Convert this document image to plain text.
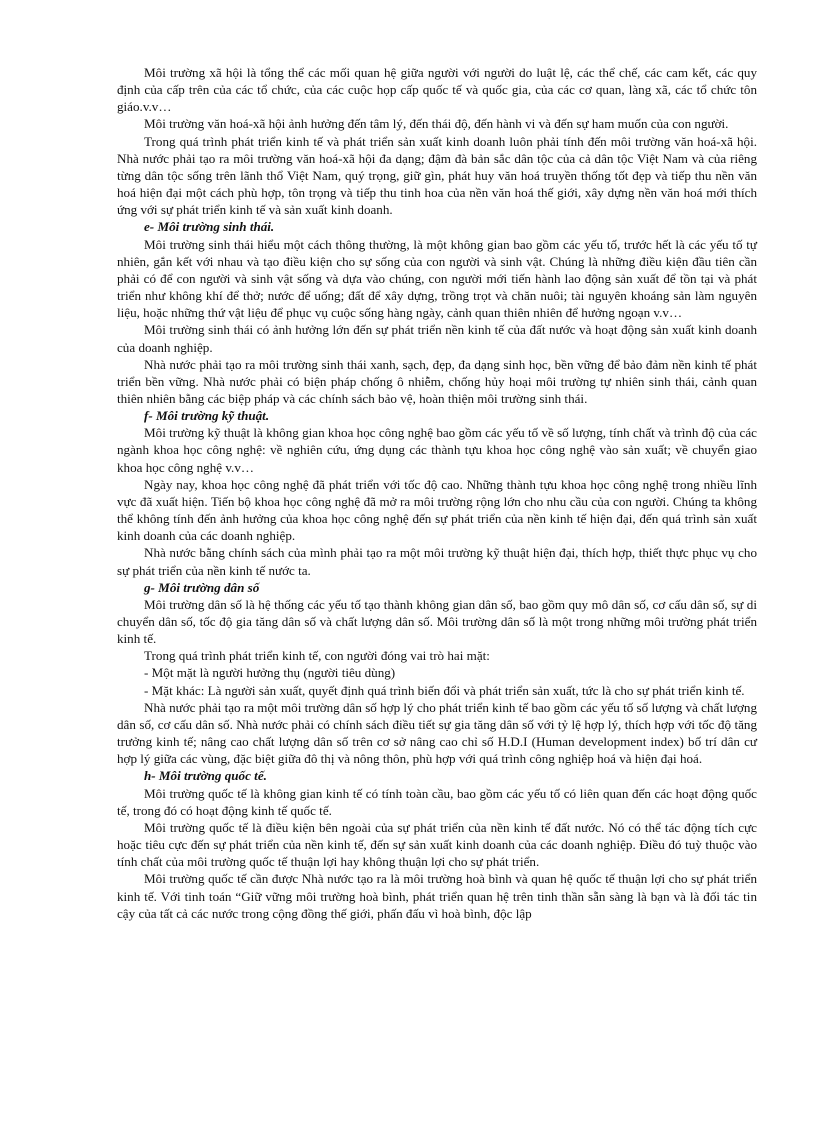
Môi trường xã hội là tổng thể các mối quan hệ giữa người với người do luật lệ, các thể chế, các cam kết, các quy định của cấp trên của các tổ chức, của các cuộc họp cấp quốc tế và quốc gia, của các cơ quan, làng xã, các tổ chức tôn giáo.v.v…

Môi trường văn hoá-xã hội ảnh hưởng đến tâm lý, đến thái độ, đến hành vi và đến sự ham muốn của con người.

Trong quá trình phát triển kinh tế và phát triển sản xuất kinh doanh luôn phải tính đến môi trường văn hoá-xã hội. Nhà nước phải tạo ra môi trường văn hoá-xã hội đa dạng; đậm đà bản sắc dân tộc của cả dân tộc Việt Nam và của riêng từng dân tộc sống trên lãnh thổ Việt Nam, quý trọng, giữ gìn, phát huy văn hoá truyền thống tốt đẹp và tiếp thu nền văn hoá hiện đại một cách phù hợp, tôn trọng và tiếp thu tinh hoa của nền văn hoá thế giới, xây dựng nền văn hoá mới thích ứng với sự phát triển kinh tế và sản xuất kinh doanh.

e- Môi trường sinh thái.

Môi trường sinh thái hiểu một cách thông thường, là một không gian bao gồm các yếu tố, trước hết là các yếu tố tự nhiên, gắn kết với nhau và tạo điều kiện cho sự sống của con người và sinh vật. Chúng là những điều kiện đầu tiên cần phải có để con người và sinh vật sống và dựa vào chúng, con người mới tiến hành lao động sản xuất để tồn tại và phát triển như không khí để thở; nước để uống; đất để xây dựng, trồng trọt và chăn nuôi; tài nguyên khoáng sản làm nguyên liệu, hoặc những thứ vật liệu để phục vụ cuộc sống hàng ngày, cảnh quan thiên nhiên để hưởng ngoạn v.v…

Môi trường sinh thái có ảnh hưởng lớn đến sự phát triển nền kinh tế của đất nước và hoạt động sản xuất kinh doanh của doanh nghiệp.

Nhà nước phải tạo ra môi trường sinh thái xanh, sạch, đẹp, đa dạng sinh học, bền vững để bảo đảm nền kinh tế phát triển bền vững. Nhà nước phải có biện pháp chống ô nhiễm, chống hủy hoại môi trường tự nhiên sinh thái, cảnh quan thiên nhiên bằng các biệp pháp và các chính sách bảo vệ, hoàn thiện môi trường sinh thái.

f- Môi trường kỹ thuật.

Môi trường kỹ thuật là không gian khoa học công nghệ bao gồm các yếu tố về số lượng, tính chất và trình độ của các ngành khoa học công nghệ: về nghiên cứu, ứng dụng các thành tựu khoa học công nghệ vào sản xuất; về chuyển giao khoa học công nghệ v.v…

Ngày nay, khoa học công nghệ đã phát triển với tốc độ cao. Những thành tựu khoa học công nghệ trong nhiều lĩnh vực đã xuất hiện. Tiến bộ khoa học công nghệ đã mở ra môi trường rộng lớn cho nhu cầu của con người. Chúng ta không thể không tính đến ảnh hưởng của khoa học công nghệ đến sự phát triển của nền kinh tế hiện đại, đến quá trình sản xuất kinh doanh của các doanh nghiệp.

Nhà nước bằng chính sách của mình phải tạo ra một môi trường kỹ thuật hiện đại, thích hợp, thiết thực phục vụ cho sự phát triển của nền kinh tế nước ta.

g- Môi trường dân số

Môi trường dân số là hệ thống các yếu tố tạo thành không gian dân số, bao gồm quy mô dân số, cơ cấu dân số, sự di chuyển dân số, tốc độ gia tăng dân số và chất lượng dân số. Môi trường dân số là một trong những môi trường phát triển kinh tế.

Trong quá trình phát triển kinh tế, con người đóng vai trò hai mặt:

- Một mặt là người hưởng thụ (người tiêu dùng)

- Mặt khác: Là người sản xuất, quyết định quá trình biến đổi và phát triển sản xuất, tức là cho sự phát triển kinh tế.

Nhà nước phải tạo ra một môi trường dân số hợp lý cho phát triển kinh tế bao gồm các yếu tố số lượng và chất lượng dân số, cơ cấu dân số. Nhà nước phải có chính sách điều tiết sự gia tăng dân số với tỷ lệ hợp lý, thích hợp với tốc độ tăng trưởng kinh tế; nâng cao chất lượng dân số trên cơ sở nâng cao chỉ số H.D.I (Human development index) bố trí dân cư hợp lý giữa các vùng, đặc biệt giữa đô thị và nông thôn, phù hợp với quá trình công nghiệp hoá và hiện đại hoá.

h- Môi trường quốc tế.

Môi trường quốc tế là không gian kinh tế có tính toàn cầu, bao gồm các yếu tố có liên quan đến các hoạt động quốc tế, trong đó có hoạt động kinh tế quốc tế.

Môi trường quốc tế là điều kiện bên ngoài của sự phát triển của nền kinh tế đất nước. Nó có thể tác động tích cực hoặc tiêu cực đến sự phát triển của nền kinh tế, đến sự sản xuất kinh doanh của các doanh nghiệp. Điều đó tuỳ thuộc vào tính chất của môi trường quốc tế thuận lợi hay không thuận lợi cho sự phát triển.

Môi trường quốc tế cần được Nhà nước tạo ra là môi trường hoà bình và quan hệ quốc tế thuận lợi cho sự phát triển kinh tế. Với tinh toán “Giữ vững môi trường hoà bình, phát triển quan hệ trên tinh thần sẵn sàng là bạn và là đối tác tin cậy của tất cả các nước trong cộng đồng thế giới, phấn đấu vì hoà bình, độc lập
